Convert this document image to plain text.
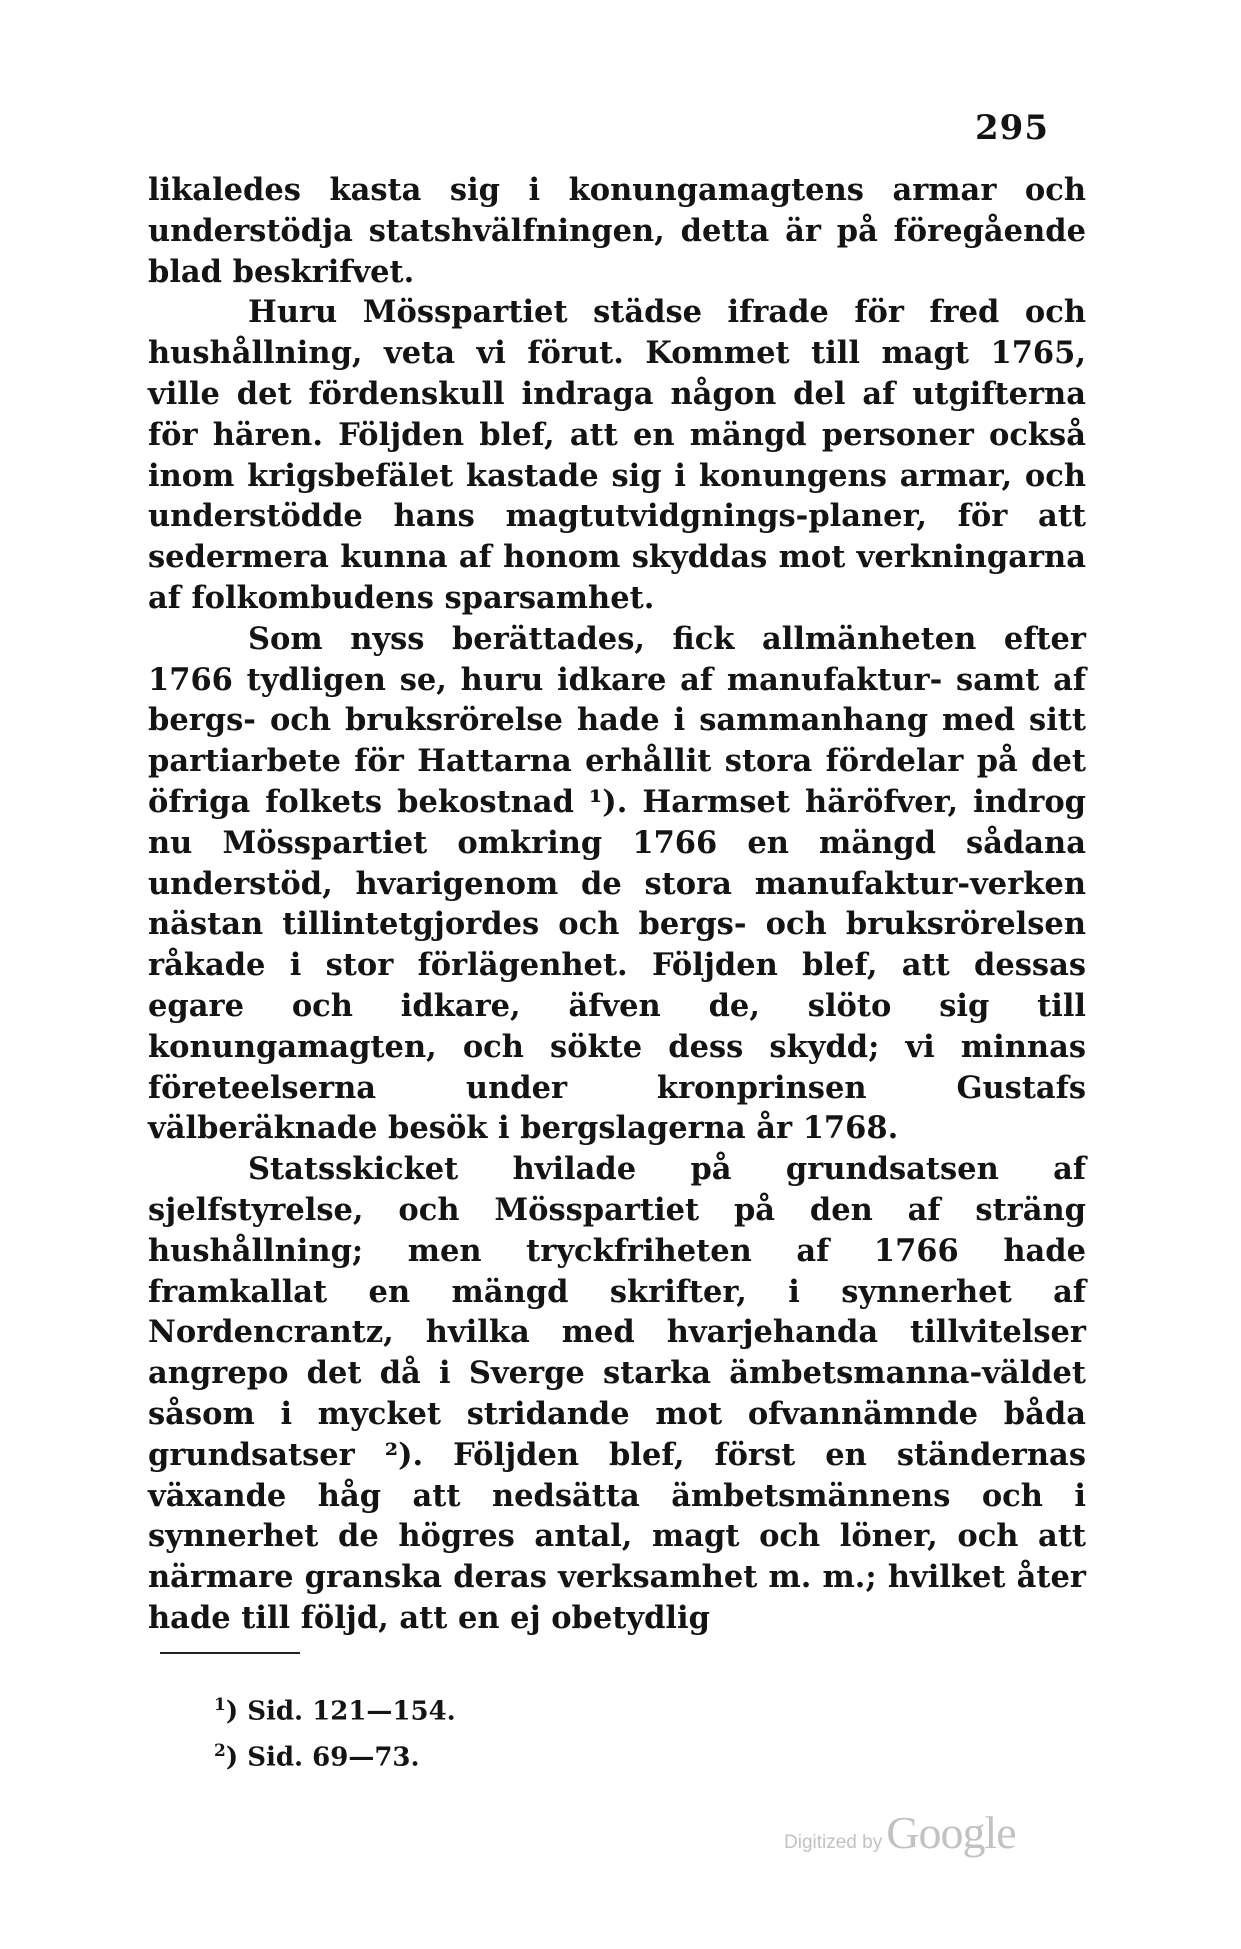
295

likaledes kasta sig i konungamagtens armar och understödja statshvälfningen, detta är på föregående blad beskrifvet.

Huru Mösspartiet städse ifrade för fred och hushållning, veta vi förut. Kommet till magt 1765, ville det fördenskull indraga någon del af utgifterna för hären. Följden blef, att en mängd personer också inom krigsbefälet kastade sig i konungens armar, och understödde hans magtutvidgnings-planer, för att sedermera kunna af honom skyddas mot verkningarna af folkombudens sparsamhet.

Som nyss berättades, fick allmänheten efter 1766 tydligen se, huru idkare af manufaktur- samt af bergs- och bruksrörelse hade i sammanhang med sitt partiarbete för Hattarna erhållit stora fördelar på det öfriga folkets bekostnad ¹). Harmset häröfver, indrog nu Mösspartiet omkring 1766 en mängd sådana understöd, hvarigenom de stora manufaktur-verken nästan tillintetgjordes och bergs- och bruksrörelsen råkade i stor förlägenhet. Följden blef, att dessas egare och idkare, äfven de, slöto sig till konungamagten, och sökte dess skydd; vi minnas företeelserna under kronprinsen Gustafs välberäknade besök i bergslagerna år 1768.

Statsskicket hvilade på grundsatsen af sjelfstyrelse, och Mösspartiet på den af sträng hushållning; men tryckfriheten af 1766 hade framkallat en mängd skrifter, i synnerhet af Nordencrantz, hvilka med hvarjehanda tillvitelser angrepo det då i Sverge starka ämbetsmanna-väldet såsom i mycket stridande mot ofvannämnde båda grundsatser ²). Följden blef, först en ständernas växande håg att nedsätta ämbetsmännens och i synnerhet de högres antal, magt och löner, och att närmare granska deras verksamhet m. m.; hvilket åter hade till följd, att en ej obetydlig

$^1$) Sid. 121—154.
$^2$) Sid. 69—73.
Digitized by Google
